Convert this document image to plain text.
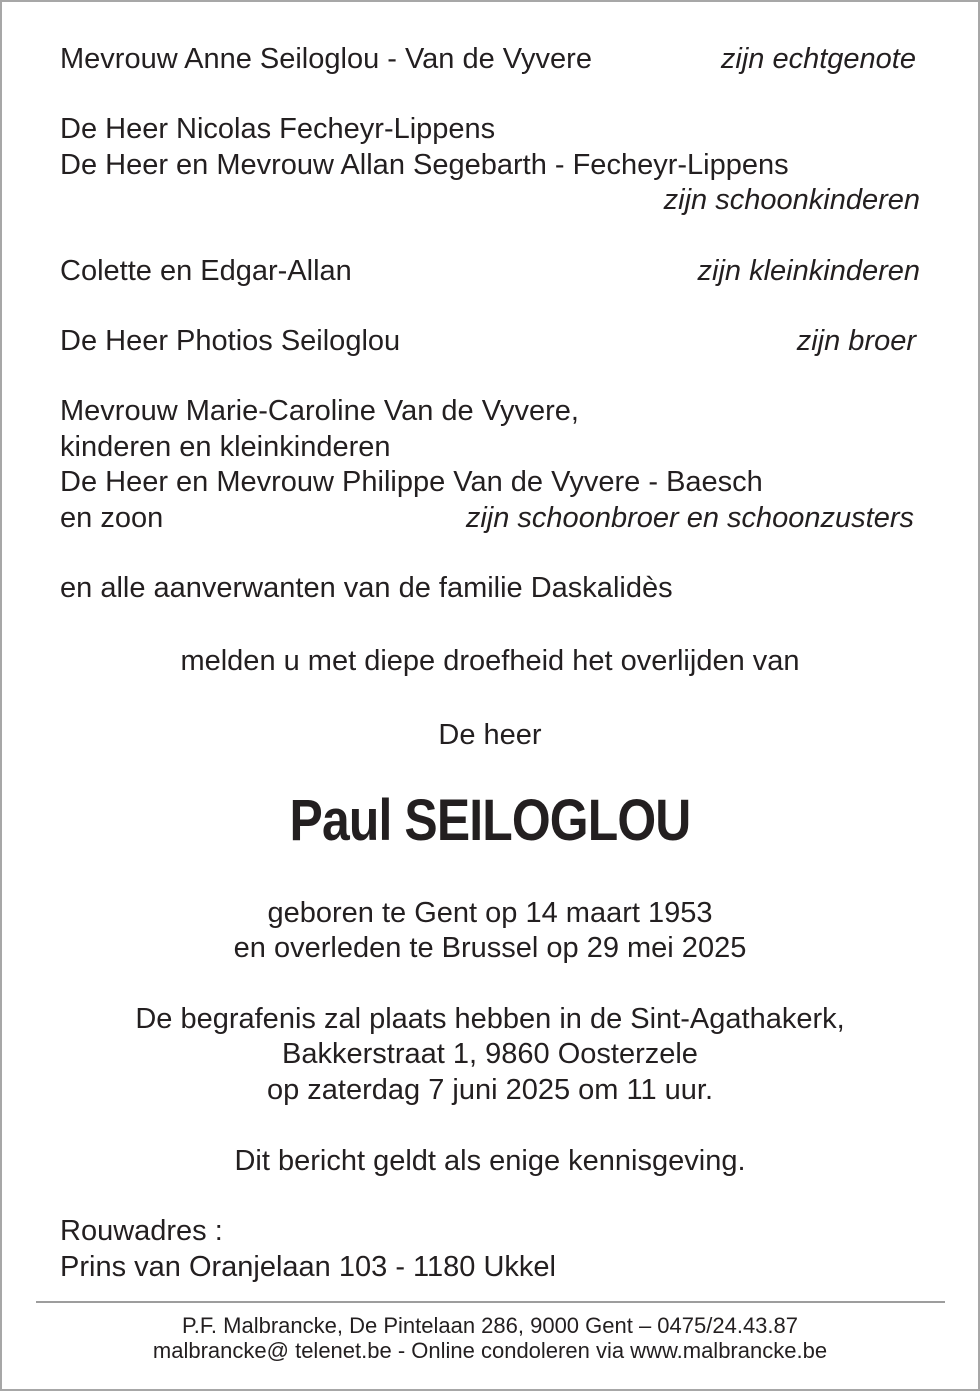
Mevrouw Anne Seiloglou - Van de Vyvere	zijn echtgenote
De Heer Nicolas Fecheyr-Lippens
De Heer en Mevrouw Allan Segebarth - Fecheyr-Lippens
zijn schoonkinderen
Colette en Edgar-Allan	zijn kleinkinderen
De Heer Photios Seiloglou	zijn broer
Mevrouw Marie-Caroline Van de Vyvere,
kinderen en kleinkinderen
De Heer en Mevrouw Philippe Van de Vyvere - Baesch
en zoon	zijn schoonbroer en schoonzusters
en alle aanverwanten van de familie Daskalidès
melden u met diepe droefheid het overlijden van
De heer
Paul SEILOGLOU
geboren te Gent op 14 maart 1953
en overleden te Brussel op 29 mei 2025
De begrafenis zal plaats hebben in de Sint-Agathakerk,
Bakkerstraat 1, 9860 Oosterzele
op zaterdag 7 juni 2025 om 11 uur.
Dit bericht geldt als enige kennisgeving.
Rouwadres :
Prins van Oranjelaan 103 - 1180 Ukkel
P.F. Malbrancke, De Pintelaan 286, 9000 Gent – 0475/24.43.87
malbrancke@ telenet.be - Online condoleren via www.malbrancke.be
